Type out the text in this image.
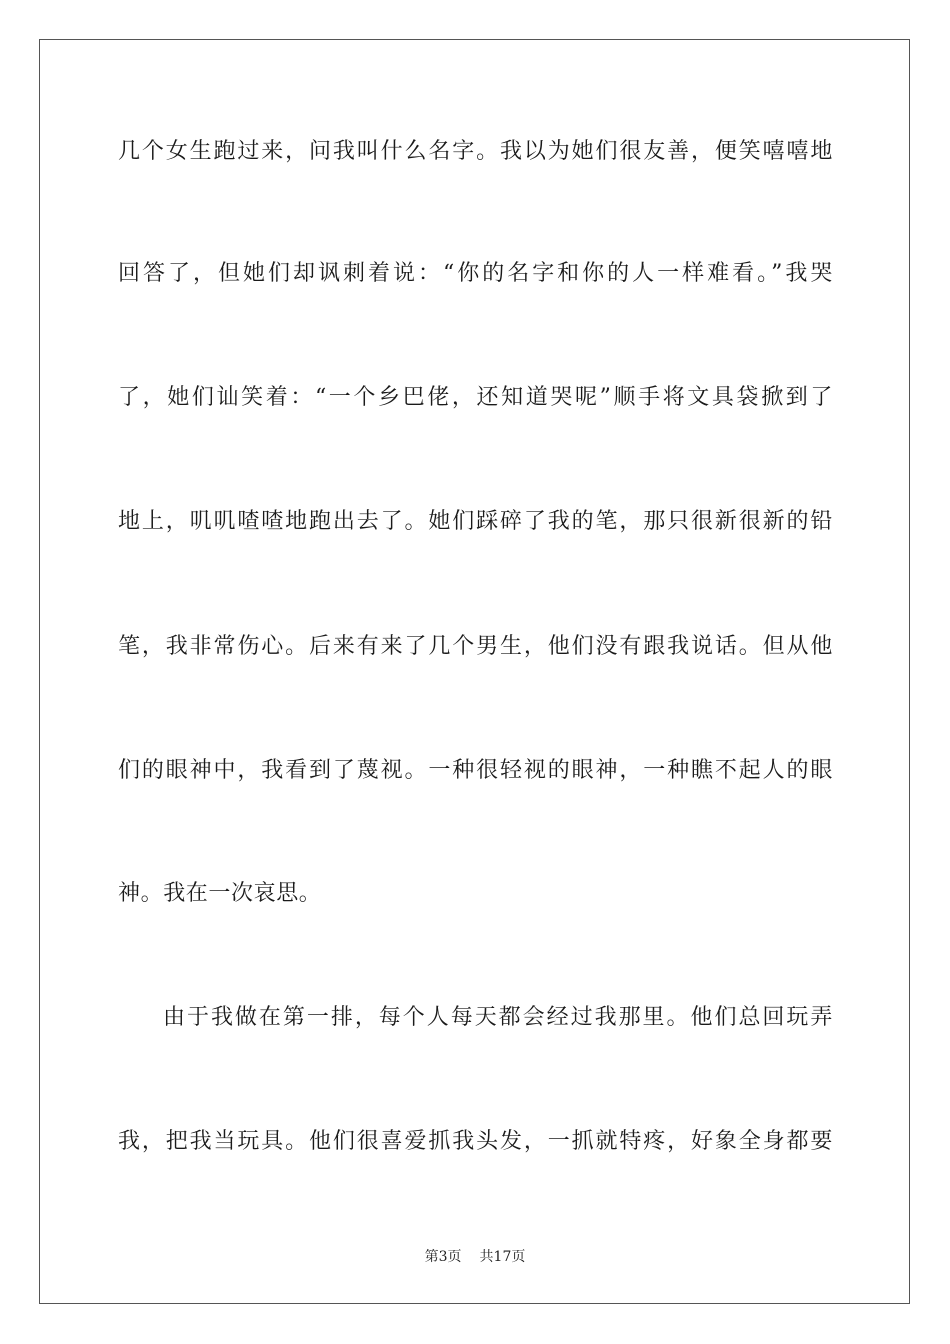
几个女生跑过来，问我叫什么名字。我以为她们很友善，便笑嘻嘻地
回答了，但她们却讽刺着说：“你的名字和你的人一样难看。”我哭
了，她们讪笑着：“一个乡巴佬，还知道哭呢”顺手将文具袋掀到了
地上，叽叽喳喳地跑出去了。她们踩碎了我的笔，那只很新很新的铅
笔，我非常伤心。后来有来了几个男生，他们没有跟我说话。但从他
们的眼神中，我看到了蔑视。一种很轻视的眼神，一种瞧不起人的眼
神。我在一次哀思。
由于我做在第一排，每个人每天都会经过我那里。他们总回玩弄
我，把我当玩具。他们很喜爱抓我头发，一抓就特疼，好象全身都要
第3页 共17页
